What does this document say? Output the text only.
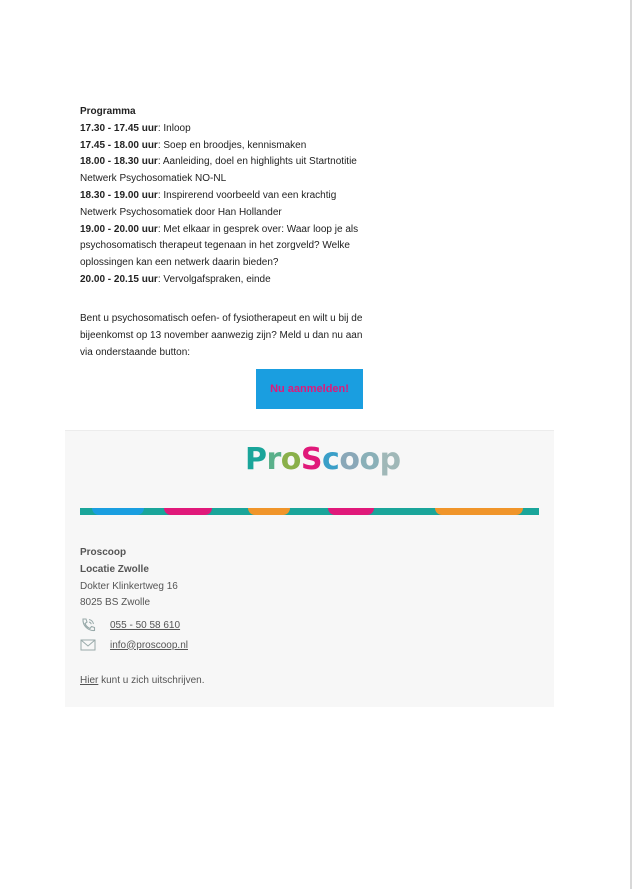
Programma
17.30 - 17.45 uur: Inloop
17.45 - 18.00 uur: Soep en broodjes, kennismaken
18.00 - 18.30 uur: Aanleiding, doel en highlights uit Startnotitie Netwerk Psychosomatiek NO-NL
18.30 - 19.00 uur: Inspirerend voorbeeld van een krachtig Netwerk Psychosomatiek door Han Hollander
19.00 - 20.00 uur: Met elkaar in gesprek over: Waar loop je als psychosomatisch therapeut tegenaan in het zorgveld? Welke oplossingen kan een netwerk daarin bieden?
20.00 - 20.15 uur: Vervolgafspraken, einde
Bent u psychosomatisch oefen- of fysiotherapeut en wilt u bij de bijeenkomst op 13 november aanwezig zijn? Meld u dan nu aan via onderstaande button:
Nu aanmelden!
ProScoop
Proscoop
Locatie Zwolle
Dokter Klinkertweg 16
8025 BS Zwolle
055 - 50 58 610
info@proscoop.nl
Hier kunt u zich uitschrijven.
